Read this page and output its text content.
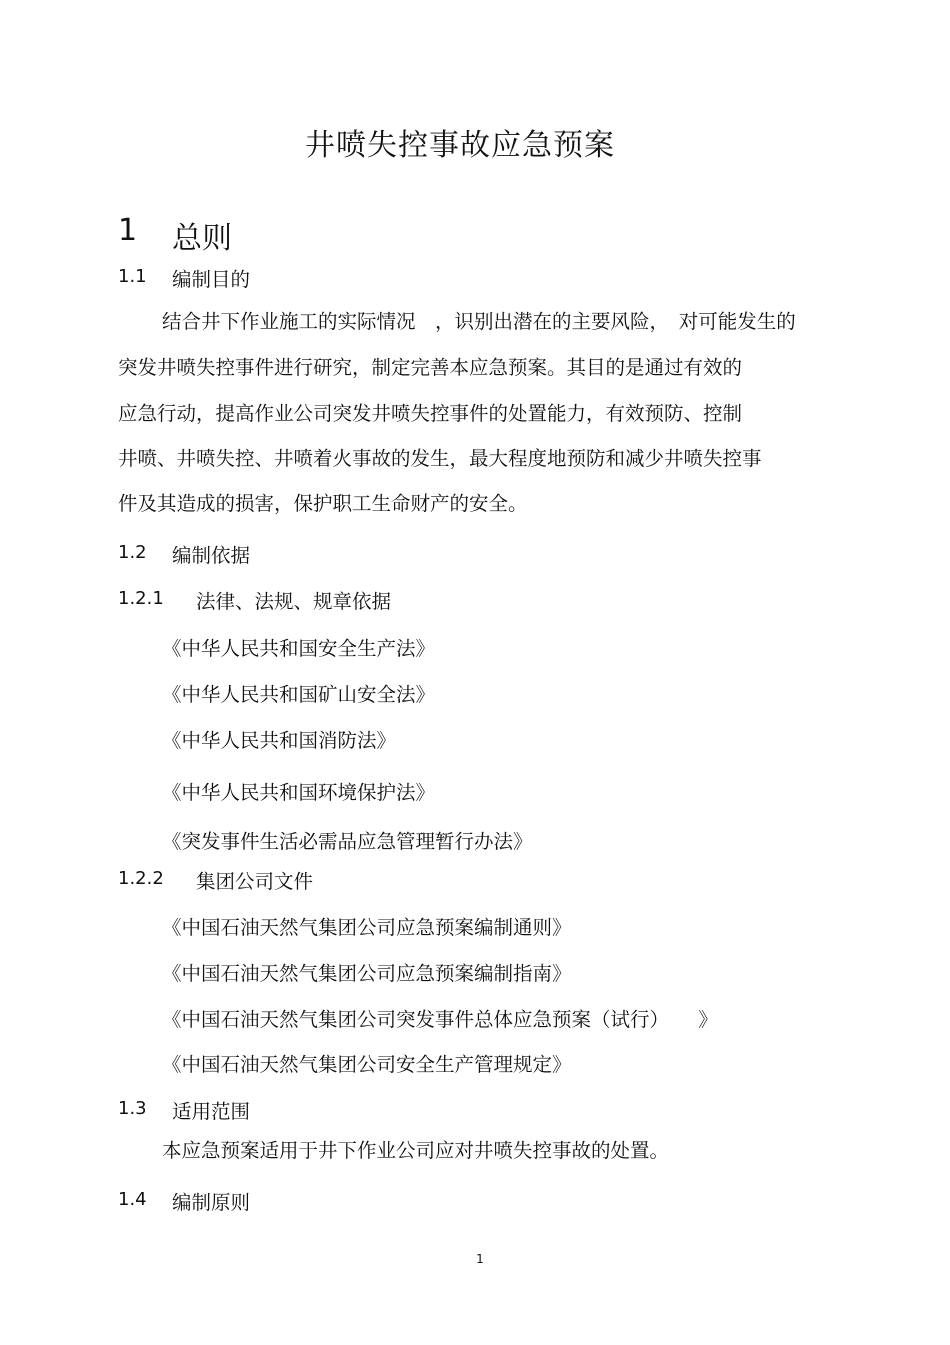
井喷失控事故应急预案
1 总则
1.1 编制目的
结合井下作业施工的实际情况　，识别出潜在的主要风险，　对可能发生的
突发井喷失控事件进行研究，制定完善本应急预案。其目的是通过有效的
应急行动，提高作业公司突发井喷失控事件的处置能力，有效预防、控制
井喷、井喷失控、井喷着火事故的发生，最大程度地预防和减少井喷失控事
件及其造成的损害，保护职工生命财产的安全。
1.2 编制依据
1.2.1 法律、法规、规章依据
《中华人民共和国安全生产法》
《中华人民共和国矿山安全法》
《中华人民共和国消防法》
《中华人民共和国环境保护法》
《突发事件生活必需品应急管理暂行办法》
1.2.2 集团公司文件
《中国石油天然气集团公司应急预案编制通则》
《中国石油天然气集团公司应急预案编制指南》
《中国石油天然气集团公司突发事件总体应急预案（试行）　　》
《中国石油天然气集团公司安全生产管理规定》
1.3 适用范围
本应急预案适用于井下作业公司应对井喷失控事故的处置。
1.4 编制原则
1
